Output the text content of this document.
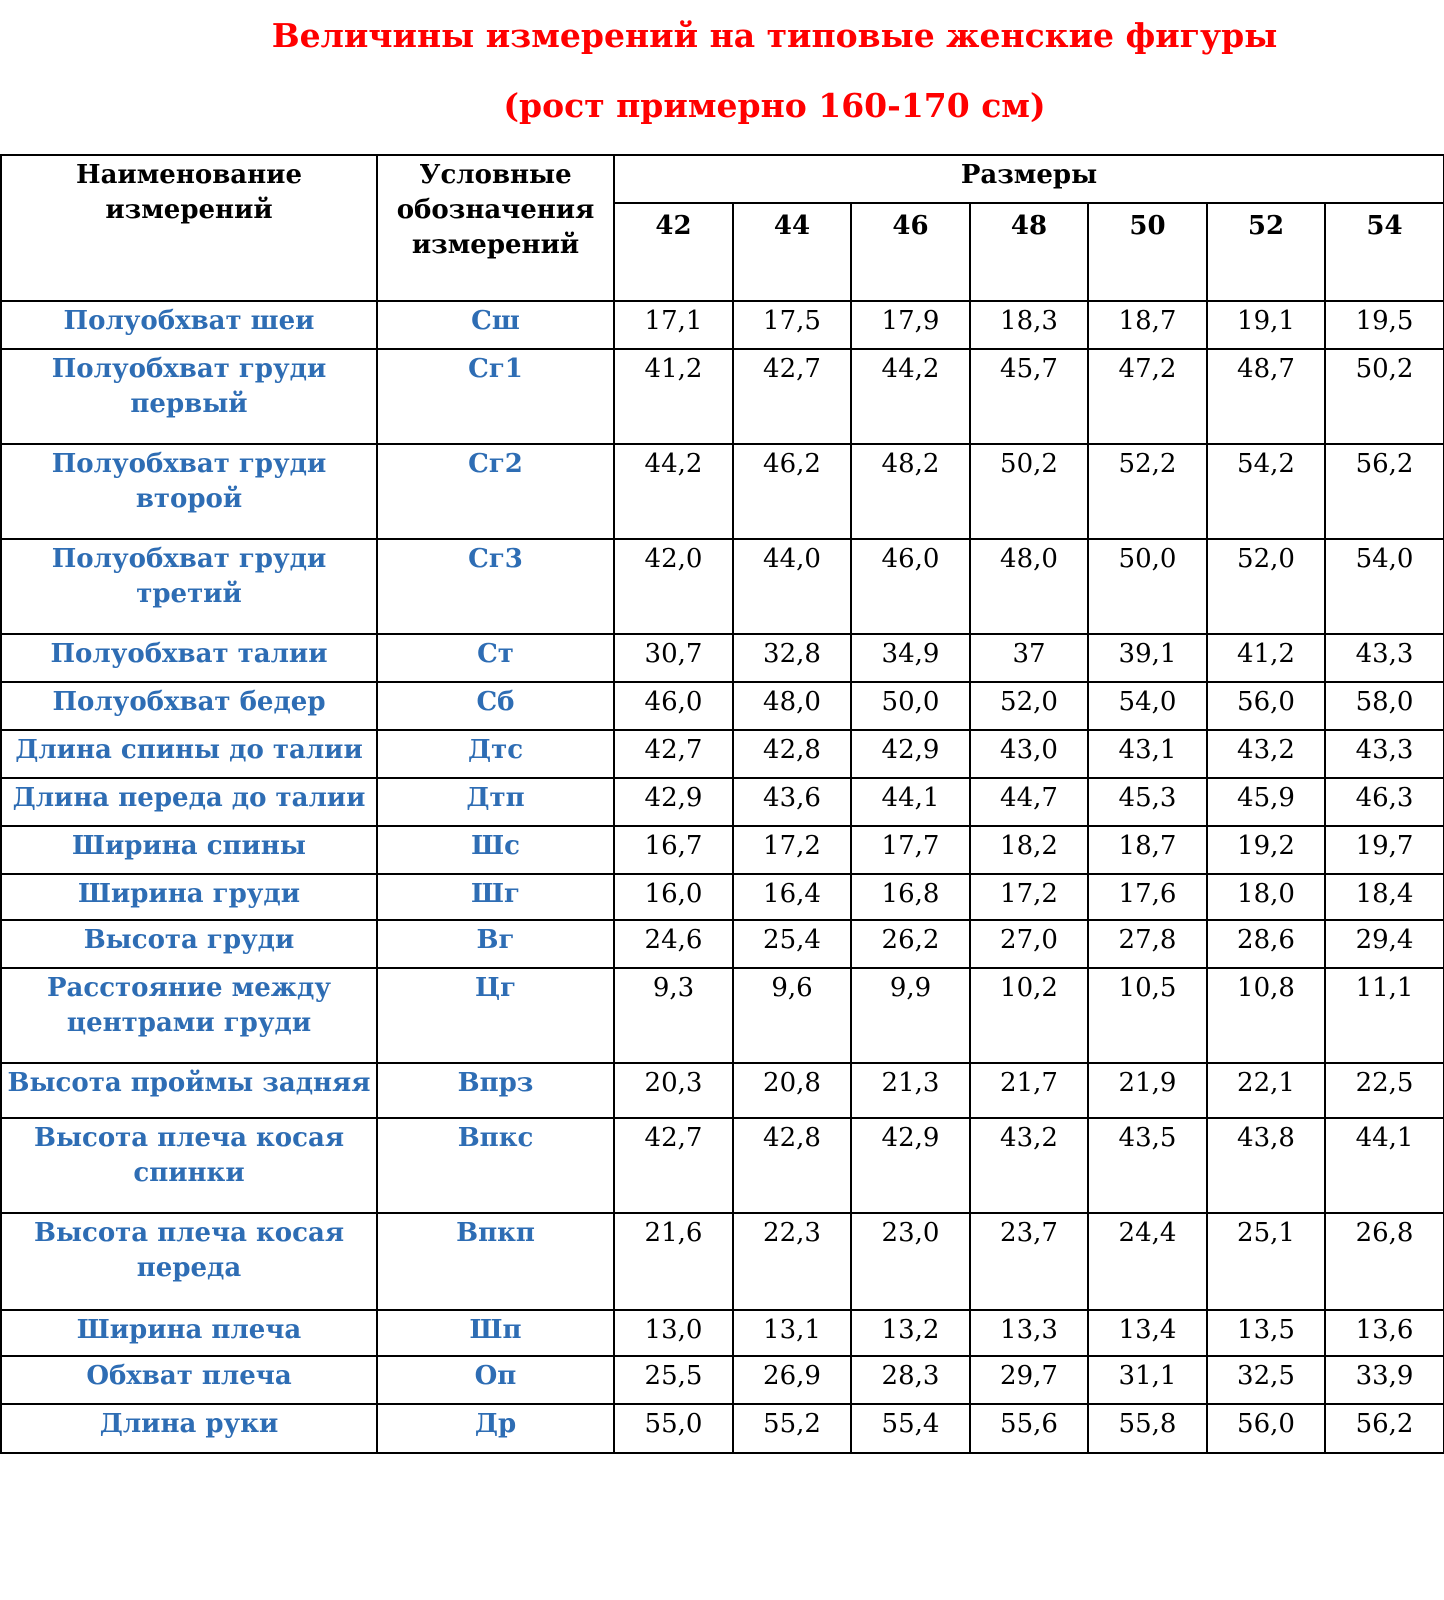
Величины измерений на типовые женские фигуры
(рост примерно 160-170 см)
Наименование измерений	Условные обозначения измерений	Размеры						
		42	44	46	48	50	52	54
Полуобхват шеи	Сш	17,1	17,5	17,9	18,3	18,7	19,1	19,5
Полуобхват груди первый	Сг1	41,2	42,7	44,2	45,7	47,2	48,7	50,2
Полуобхват груди второй	Сг2	44,2	46,2	48,2	50,2	52,2	54,2	56,2
Полуобхват груди третий	Сг3	42,0	44,0	46,0	48,0	50,0	52,0	54,0
Полуобхват талии	Ст	30,7	32,8	34,9	37	39,1	41,2	43,3
Полуобхват бедер	Сб	46,0	48,0	50,0	52,0	54,0	56,0	58,0
Длина спины до талии	Дтс	42,7	42,8	42,9	43,0	43,1	43,2	43,3
Длина переда до талии	Дтп	42,9	43,6	44,1	44,7	45,3	45,9	46,3
Ширина спины	Шс	16,7	17,2	17,7	18,2	18,7	19,2	19,7
Ширина груди	Шг	16,0	16,4	16,8	17,2	17,6	18,0	18,4
Высота груди	Вг	24,6	25,4	26,2	27,0	27,8	28,6	29,4
Расстояние между центрами груди	Цг	9,3	9,6	9,9	10,2	10,5	10,8	11,1
Высота проймы задняя	Впрз	20,3	20,8	21,3	21,7	21,9	22,1	22,5
Высота плеча косая спинки	Впкс	42,7	42,8	42,9	43,2	43,5	43,8	44,1
Высота плеча косая переда	Впкп	21,6	22,3	23,0	23,7	24,4	25,1	26,8
Ширина плеча	Шп	13,0	13,1	13,2	13,3	13,4	13,5	13,6
Обхват плеча	Оп	25,5	26,9	28,3	29,7	31,1	32,5	33,9
Длина руки	Др	55,0	55,2	55,4	55,6	55,8	56,0	56,2
